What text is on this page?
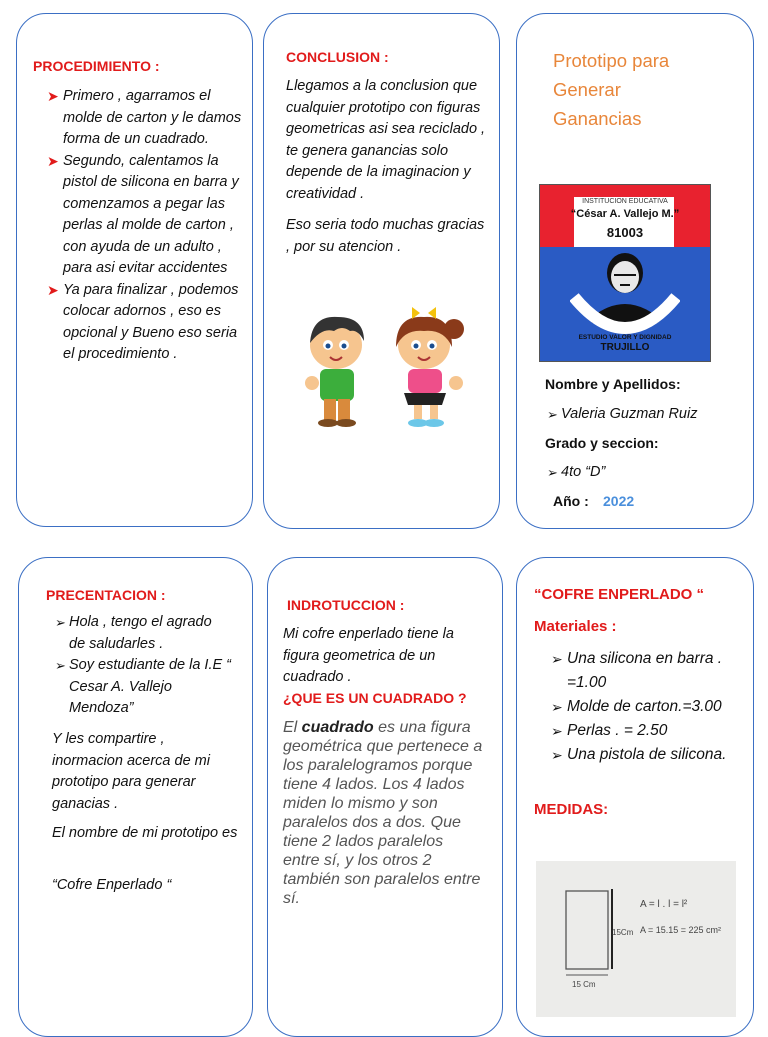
PROCEDIMIENTO :
➤ Primero , agarramos el molde de carton y le damos forma de un cuadrado.
➤ Segundo, calentamos la pistol de silicona en barra y comenzamos a pegar las perlas al molde de carton , con ayuda de un adulto , para asi evitar accidentes
➤ Ya para finalizar , podemos colocar adornos , eso es opcional y Bueno eso seria el procedimiento .
CONCLUSION :

Llegamos a la conclusion que cualquier prototipo con figuras geometricas asi sea reciclado , te genera ganancias solo depende de la imaginacion y creatividad .

Eso seria todo muchas gracias , por su atencion .

Prototipo para Generar Ganancias
INSTITUCION EDUCATIVA
“César A. Vallejo M.”
81003
ESTUDIO VALOR Y DIGNIDAD
TRUJILLO
Nombre y Apellidos:
➢ Valeria Guzman Ruiz
Grado y seccion:
➢ 4to “D”
Año : 2022
PRECENTACION :
➢ Hola , tengo el agrado de saludarles .
➢ Soy estudiante de la I.E “ Cesar A. Vallejo Mendoza”

Y les compartire , inormacion acerca de mi prototipo para generar ganacias .

El nombre de mi prototipo es

“Cofre Enperlado “

INDROTUCCION :

Mi cofre enperlado tiene la figura geometrica de un cuadrado .

¿QUE ES UN CUADRADO ?

El cuadrado es una figura geométrica que pertenece a los paralelogramos porque tiene 4 lados. Los 4 lados miden lo mismo y son paralelos dos a dos. Que tiene 2 lados paralelos entre sí, y los otros 2 también son paralelos entre sí.

“COFRE ENPERLADO “
Materiales :
➢ Una silicona en barra . =1.00
➢ Molde de carton.=3.00
➢ Perlas . = 2.50
➢ Una pistola de silicona.
MEDIDAS:
15Cm
15 Cm
A = l . l = l²
A = 15.15 = 225 cm²
